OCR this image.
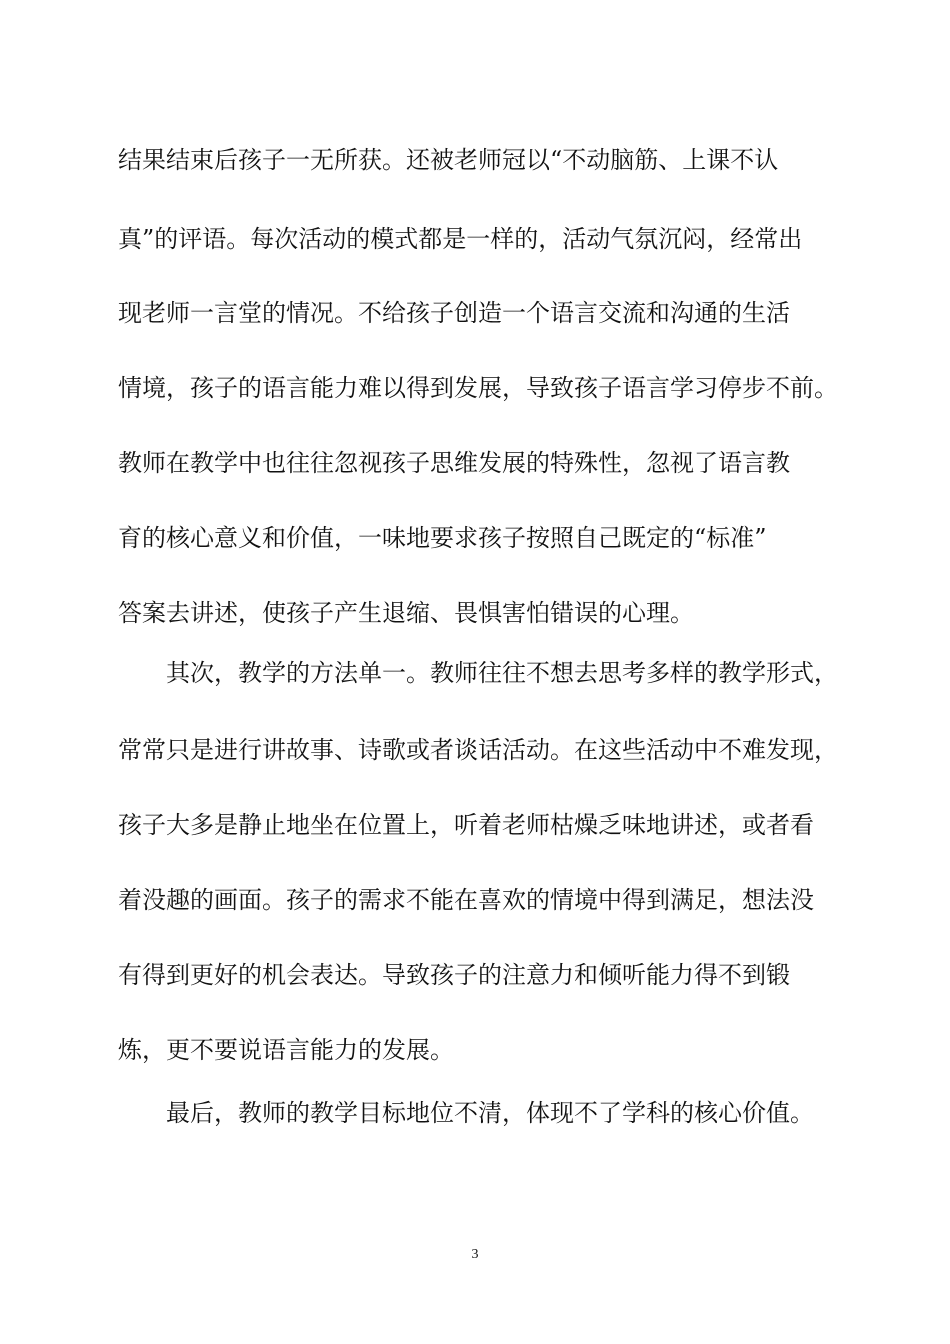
结果结束后孩子一无所获。还被老师冠以“不动脑筋、上课不认

真”的评语。每次活动的模式都是一样的，活动气氛沉闷，经常出

现老师一言堂的情况。不给孩子创造一个语言交流和沟通的生活

情境，孩子的语言能力难以得到发展，导致孩子语言学习停步不前。

教师在教学中也往往忽视孩子思维发展的特殊性，忽视了语言教

育的核心意义和价值，一味地要求孩子按照自己既定的“标准”

答案去讲述，使孩子产生退缩、畏惧害怕错误的心理。

其次，教学的方法单一。教师往往不想去思考多样的教学形式，

常常只是进行讲故事、诗歌或者谈话活动。在这些活动中不难发现，

孩子大多是静止地坐在位置上，听着老师枯燥乏味地讲述，或者看

着没趣的画面。孩子的需求不能在喜欢的情境中得到满足，想法没

有得到更好的机会表达。导致孩子的注意力和倾听能力得不到锻

炼，更不要说语言能力的发展。

最后，教师的教学目标地位不清，体现不了学科的核心价值。

3
